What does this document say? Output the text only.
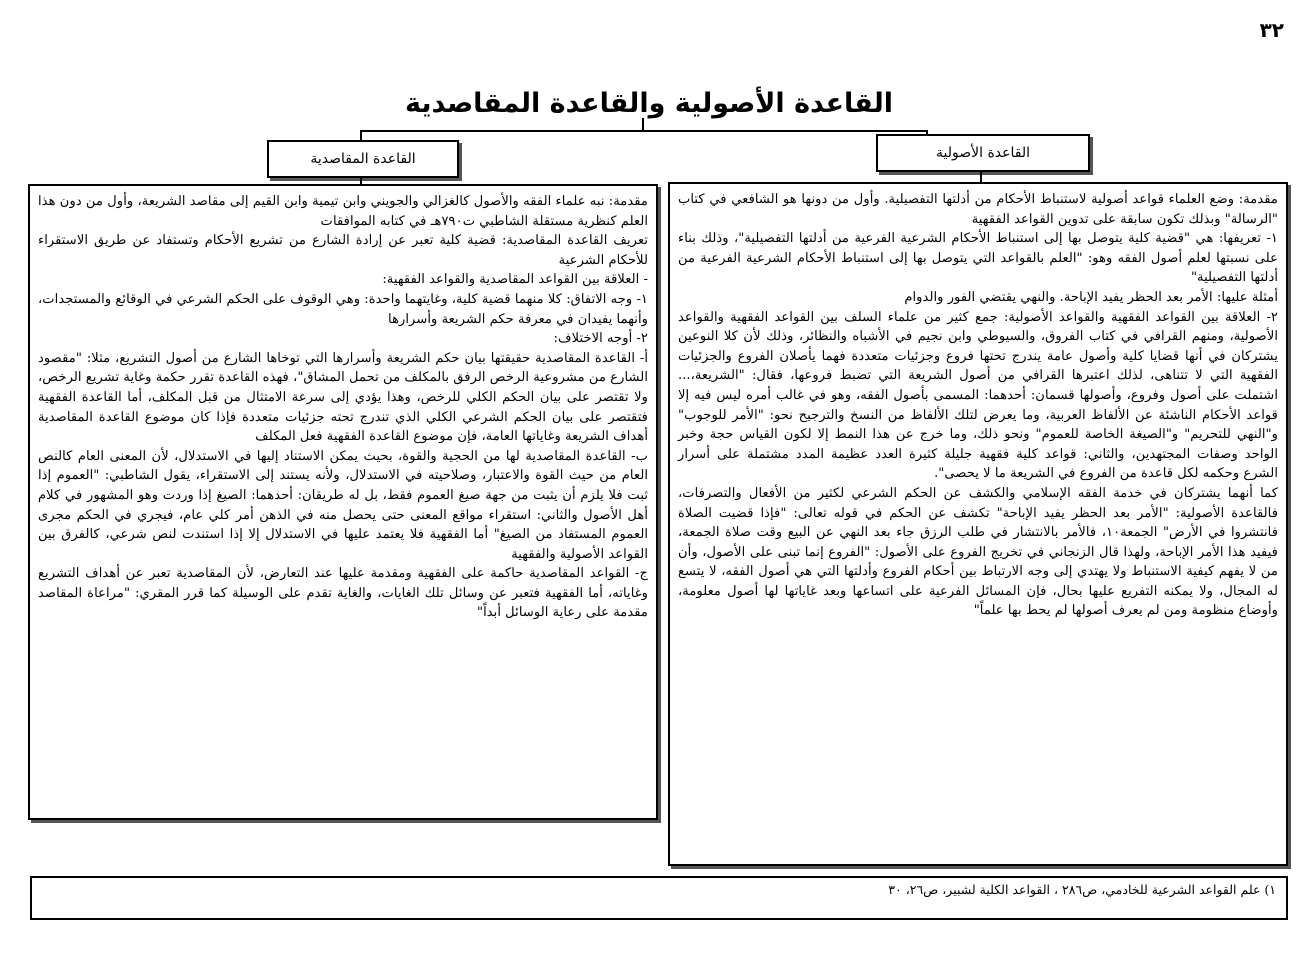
٣٢
القاعدة الأصولية والقاعدة المقاصدية
القاعدة الأصولية
القاعدة المقاصدية

مقدمة: وضع العلماء قواعد أصولية لاستنباط الأحكام من أدلتها التفصيلية. وأول من دونها هو الشافعي في كتاب "الرسالة" وبذلك تكون سابقة على تدوين القواعد الفقهية

١- تعريفها: هي "قضية كلية يتوصل بها إلى استنباط الأحكام الشرعية الفرعية من أدلتها التفصيلية"، وذلك بناء على نسبتها لعلم أصول الفقه وهو: "العلم بالقواعد التي يتوصل بها إلى استنباط الأحكام الشرعية الفرعية من أدلتها التفصيلية"

أمثلة عليها: الأمر بعد الحظر يفيد الإباحة. والنهي يقتضي الفور والدوام

٢- العلاقة بين القواعد الفقهية والقواعد الأصولية: جمع كثير من علماء السلف بين القواعد الفقهية والقواعد الأصولية، ومنهم القرافي في كتاب الفروق، والسيوطي وابن نجيم في الأشباه والنظائر، وذلك لأن كلا النوعين يشتركان في أنها قضايا كلية وأصول عامة يندرج تحتها فروع وجزئيات متعددة فهما يأصلان الفروع والجزئيات الفقهية التي لا تتناهى، لذلك اعتبرها القرافي من أصول الشريعة التي تضبط فروعها، فقال: "الشريعة،... اشتملت على أصول وفروع، وأصولها قسمان: أحدهما: المسمى بأصول الفقه، وهو في غالب أمره ليس فيه إلا قواعد الأحكام الناشئة عن الألفاظ العربية، وما يعرض لتلك الألفاظ من النسخ والترجيح نحو: "الأمر للوجوب" و"النهي للتحريم" و"الصيغة الخاصة للعموم" ونحو ذلك، وما خرج عن هذا النمط إلا لكون القياس حجة وخبر الواحد وصفات المجتهدين، والثاني: قواعد كلية فقهية جليلة كثيرة العدد عظيمة المدد مشتملة على أسرار الشرع وحكمه لكل قاعدة من الفروع في الشريعة ما لا يحصى".

كما أنهما يشتركان في خدمة الفقه الإسلامي والكشف عن الحكم الشرعي لكثير من الأفعال والتصرفات، فالقاعدة الأصولية: "الأمر بعد الحظر يفيد الإباحة" تكشف عن الحكم في قوله تعالى: "فإذا قضيت الصلاة فانتشروا في الأرض" الجمعة١٠، فالأمر بالانتشار في طلب الرزق جاء بعد النهي عن البيع وقت صلاة الجمعة، فيفيد هذا الأمر الإباحة، ولهذا قال الزنجاني في تخريج الفروع على الأصول: "الفروع إنما تبنى على الأصول، وأن من لا يفهم كيفية الاستنباط ولا يهتدي إلى وجه الارتباط بين أحكام الفروع وأدلتها التي هي أصول الفقه، لا يتسع له المجال، ولا يمكنه التفريع عليها بحال، فإن المسائل الفرعية على اتساعها وبعد غاياتها لها أصول معلومة، وأوضاع منظومة ومن لم يعرف أصولها لم يحط بها علماً"

مقدمة: نبه علماء الفقه والأصول كالغزالي والجويني وابن تيمية وابن القيم إلى مقاصد الشريعة، وأول من دون هذا العلم كنظرية مستقلة الشاطبي ت٧٩٠هـ في كتابه الموافقات

تعريف القاعدة المقاصدية: قضية كلية تعبر عن إرادة الشارع من تشريع الأحكام وتستفاد عن طريق الاستقراء للأحكام الشرعية

- العلاقة بين القواعد المقاصدية والقواعد الفقهية:

١- وجه الاتفاق: كلا منهما قضية كلية، وغايتهما واحدة: وهي الوقوف على الحكم الشرعي في الوقائع والمستجدات، وأنهما يفيدان في معرفة حكم الشريعة وأسرارها

٢- أوجه الاختلاف:

أ- القاعدة المقاصدية حقيقتها بيان حكم الشريعة وأسرارها التي توخاها الشارع من أصول التشريع، مثلا: "مقصود الشارع من مشروعية الرخص الرفق بالمكلف من تحمل المشاق"، فهذه القاعدة تقرر حكمة وغاية تشريع الرخص، ولا تقتصر على بيان الحكم الكلي للرخص، وهذا يؤدي إلى سرعة الامتثال من قبل المكلف، أما القاعدة الفقهية فتقتصر على بيان الحكم الشرعي الكلي الذي تندرج تحته جزئيات متعددة فإذا كان موضوع القاعدة المقاصدية أهداف الشريعة وغاياتها العامة، فإن موضوع القاعدة الفقهية فعل المكلف

ب- القاعدة المقاصدية لها من الحجية والقوة، بحيث يمكن الاستناد إليها في الاستدلال، لأن المعنى العام كالنص العام من حيث القوة والاعتبار، وصلاحيته في الاستدلال، ولأنه يستند إلى الاستقراء، يقول الشاطبي: "العموم إذا ثبت فلا يلزم أن يثبت من جهة صيغ العموم فقط، بل له طريقان: أحدهما: الصيغ إذا وردت وهو المشهور في كلام أهل الأصول والثاني: استقراء مواقع المعنى حتى يحصل منه في الذهن أمر كلي عام، فيجري في الحكم مجرى العموم المستفاد من الصيغ" أما الفقهية فلا يعتمد عليها في الاستدلال إلا إذا استندت لنص شرعي، كالفرق بين القواعد الأصولية والفقهية

ج- القواعد المقاصدية حاكمة على الفقهية ومقدمة عليها عند التعارض، لأن المقاصدية تعبر عن أهداف التشريع وغاياته، أما الفقهية فتعبر عن وسائل تلك الغايات، والغاية تقدم على الوسيلة كما قرر المقري: "مراعاة المقاصد مقدمة على رعاية الوسائل أبداً"

١) علم القواعد الشرعية للخادمي، ص٢٨٦ ، القواعد الكلية لشبير، ص٢٦، ٣٠
